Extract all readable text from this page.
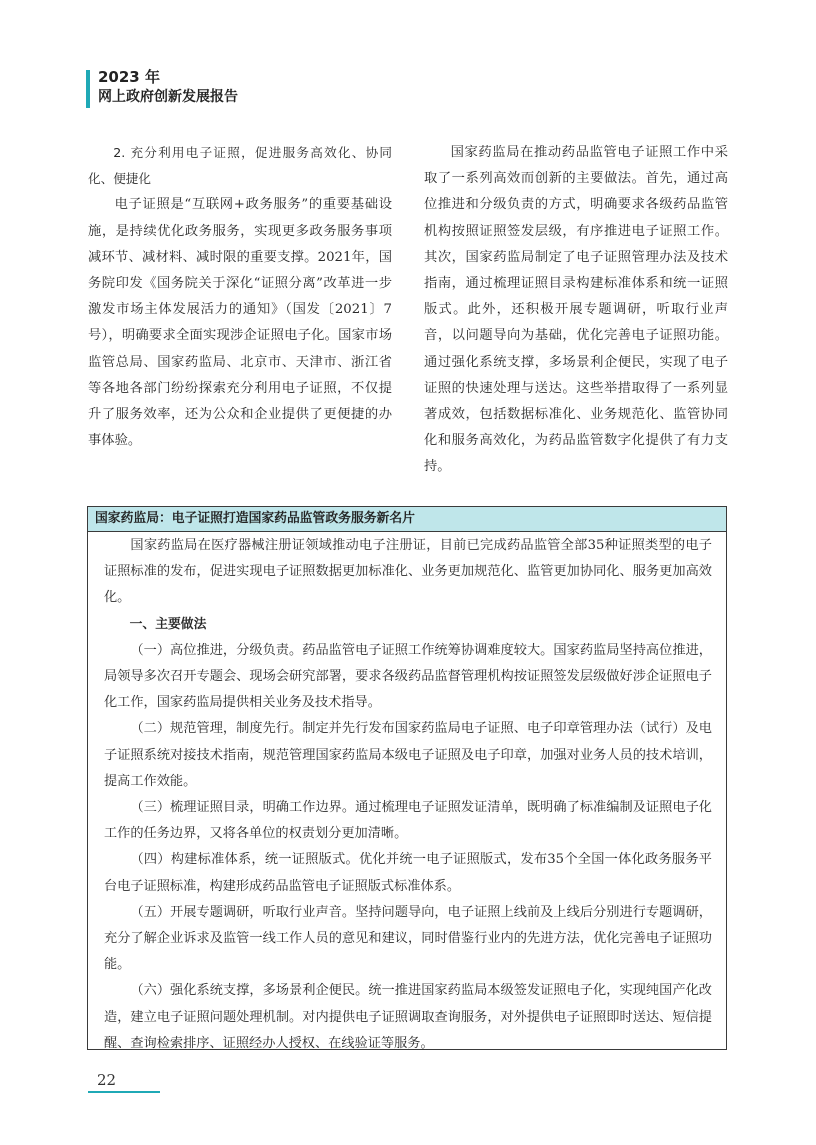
2023 年
网上政府创新发展报告

2. 充分利用电子证照，促进服务高效化、协同化、便捷化

电子证照是“互联网+政务服务”的重要基础设施，是持续优化政务服务，实现更多政务服务事项减环节、减材料、减时限的重要支撑。2021年，国务院印发《国务院关于深化“证照分离”改革进一步激发市场主体发展活力的通知》（国发〔2021〕7号），明确要求全面实现涉企证照电子化。国家市场监管总局、国家药监局、北京市、天津市、浙江省等各地各部门纷纷探索充分利用电子证照，不仅提升了服务效率，还为公众和企业提供了更便捷的办事体验。

国家药监局在推动药品监管电子证照工作中采取了一系列高效而创新的主要做法。首先，通过高位推进和分级负责的方式，明确要求各级药品监管机构按照证照签发层级，有序推进电子证照工作。其次，国家药监局制定了电子证照管理办法及技术指南，通过梳理证照目录构建标准体系和统一证照版式。此外，还积极开展专题调研，听取行业声音，以问题导向为基础，优化完善电子证照功能。通过强化系统支撑，多场景利企便民，实现了电子证照的快速处理与送达。这些举措取得了一系列显著成效，包括数据标准化、业务规范化、监管协同化和服务高效化，为药品监管数字化提供了有力支持。

国家药监局：电子证照打造国家药品监管政务服务新名片

国家药监局在医疗器械注册证领域推动电子注册证，目前已完成药品监管全部35种证照类型的电子证照标准的发布，促进实现电子证照数据更加标准化、业务更加规范化、监管更加协同化、服务更加高效化。

一、主要做法

（一）高位推进，分级负责。药品监管电子证照工作统筹协调难度较大。国家药监局坚持高位推进，局领导多次召开专题会、现场会研究部署，要求各级药品监督管理机构按证照签发层级做好涉企证照电子化工作，国家药监局提供相关业务及技术指导。

（二）规范管理，制度先行。制定并先行发布国家药监局电子证照、电子印章管理办法（试行）及电子证照系统对接技术指南，规范管理国家药监局本级电子证照及电子印章，加强对业务人员的技术培训，提高工作效能。

（三）梳理证照目录，明确工作边界。通过梳理电子证照发证清单，既明确了标准编制及证照电子化工作的任务边界，又将各单位的权责划分更加清晰。

（四）构建标准体系，统一证照版式。优化并统一电子证照版式，发布35个全国一体化政务服务平台电子证照标准，构建形成药品监管电子证照版式标准体系。

（五）开展专题调研，听取行业声音。坚持问题导向，电子证照上线前及上线后分别进行专题调研，充分了解企业诉求及监管一线工作人员的意见和建议，同时借鉴行业内的先进方法，优化完善电子证照功能。

（六）强化系统支撑，多场景利企便民。统一推进国家药监局本级签发证照电子化，实现纯国产化改造，建立电子证照问题处理机制。对内提供电子证照调取查询服务，对外提供电子证照即时送达、短信提醒、查询检索排序、证照经办人授权、在线验证等服务。

22
